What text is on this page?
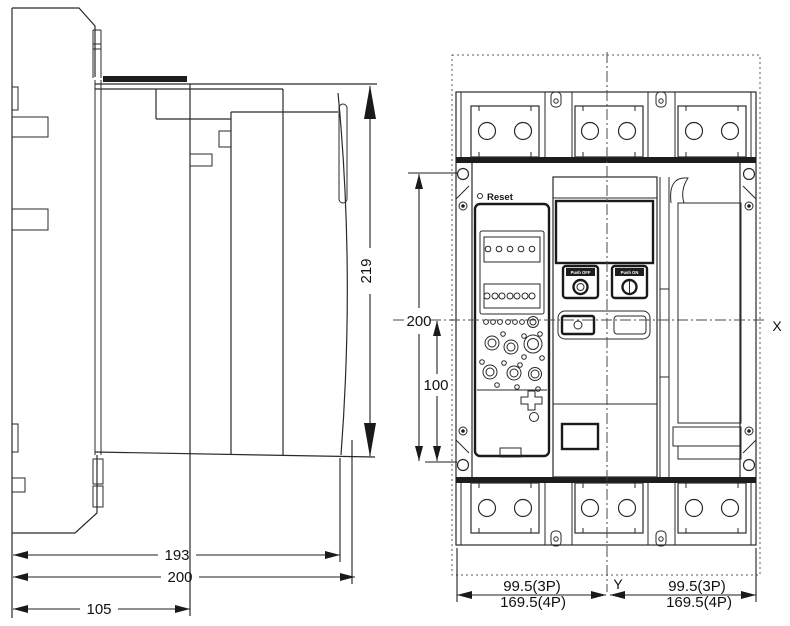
219
193
200
105
Reset
Push OFF	Push ON
X
Y
200
100
99.5(3P)
169.5(4P)
99.5(3P)
169.5(4P)
